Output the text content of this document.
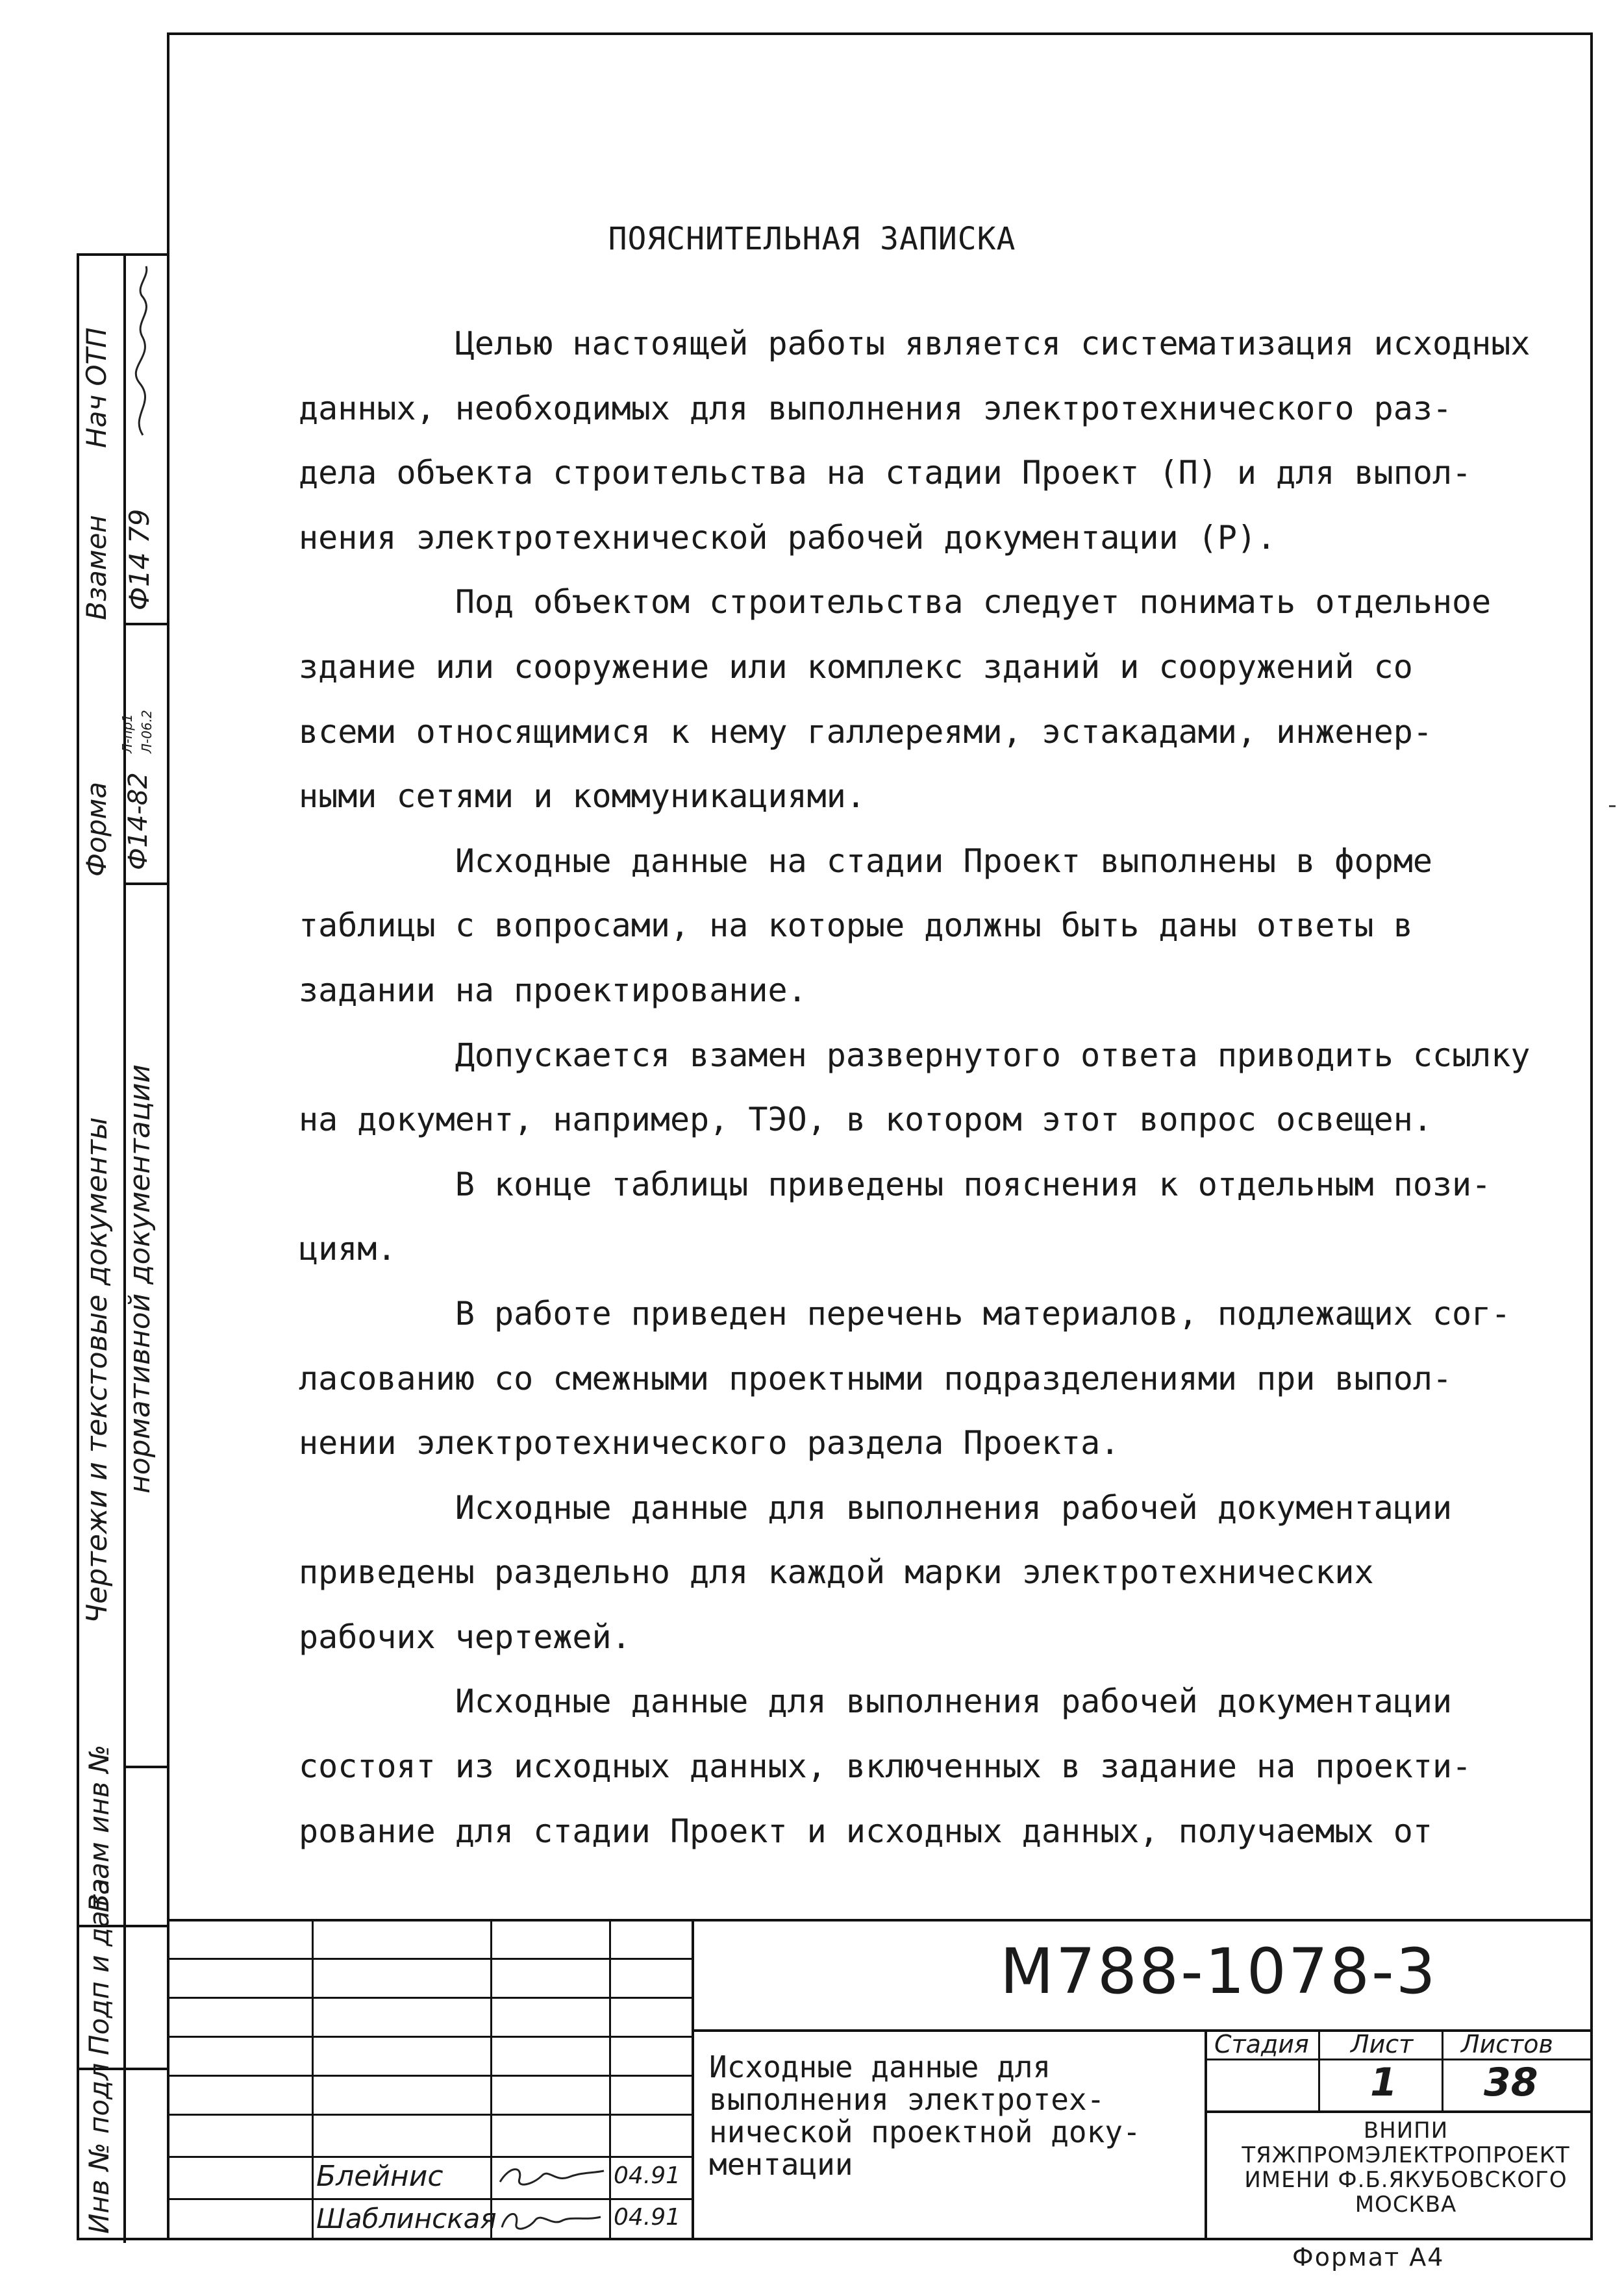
Нач ОТП
Взамен
Форма
Чертежи и текстовые документы
Ф14 79
Ф14-82
Л-пр1 Л-06.2
нормативной документации
Взам инв №
Подп и дата
Инв № подл
ПОЯСНИТЕЛЬНАЯ ЗАПИСКА
Целью настоящей работы является систематизация исходных
данных, необходимых для выполнения электротехнического раз-
дела объекта строительства на стадии Проект (П) и для выпол-
нения электротехнической рабочей документации (Р).
Под объектом строительства следует понимать отдельное
здание или сооружение или комплекс зданий и сооружений со
всеми относящимися к нему галлереями, эстакадами, инженер-
ными сетями и коммуникациями.
Исходные данные на стадии Проект выполнены в форме
таблицы с вопросами, на которые должны быть даны ответы в
задании на проектирование.
Допускается взамен развернутого ответа приводить ссылку
на документ, например, ТЭО, в котором этот вопрос освещен.
В конце таблицы приведены пояснения к отдельным пози-
циям.
В работе приведен перечень материалов, подлежащих сог-
ласованию со смежными проектными подразделениями при выпол-
нении электротехнического раздела Проекта.
Исходные данные для выполнения рабочей документации
приведены раздельно для каждой марки электротехнических
рабочих чертежей.
Исходные данные для выполнения рабочей документации
состоят из исходных данных, включенных в задание на проекти-
рование для стадии Проект и исходных данных, получаемых от
М788-1078-3
Исходные данные для
выполнения электротех-
нической проектной доку-
ментации
Стадия Лист Листов
1 38
ВНИПИ
ТЯЖПРОМЭЛЕКТРОПРОЕКТ
ИМЕНИ Ф.Б.ЯКУБОВСКОГО
МОСКВА
Блейнис	04.91
Шаблинская	04.91
Формат А4
